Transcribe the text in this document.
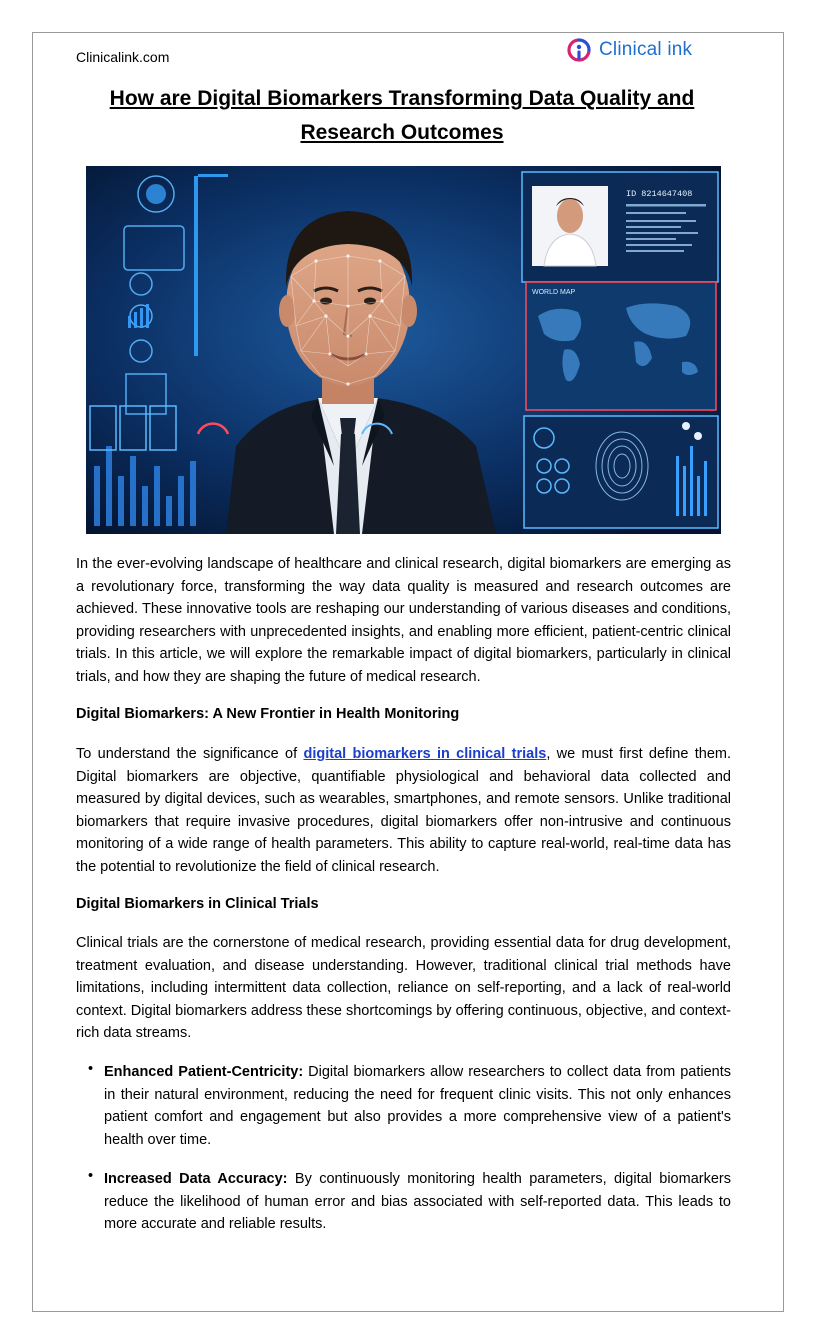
Clinicalink.com	Clinical ink
How are Digital Biomarkers Transforming Data Quality and Research Outcomes
ID 8214647408
WORLD MAP
In the ever-evolving landscape of healthcare and clinical research, digital biomarkers are emerging as a revolutionary force, transforming the way data quality is measured and research outcomes are achieved. These innovative tools are reshaping our understanding of various diseases and conditions, providing researchers with unprecedented insights, and enabling more efficient, patient-centric clinical trials. In this article, we will explore the remarkable impact of digital biomarkers, particularly in clinical trials, and how they are shaping the future of medical research.
Digital Biomarkers: A New Frontier in Health Monitoring
To understand the significance of digital biomarkers in clinical trials, we must first define them. Digital biomarkers are objective, quantifiable physiological and behavioral data collected and measured by digital devices, such as wearables, smartphones, and remote sensors. Unlike traditional biomarkers that require invasive procedures, digital biomarkers offer non-intrusive and continuous monitoring of a wide range of health parameters. This ability to capture real-world, real-time data has the potential to revolutionize the field of clinical research.
Digital Biomarkers in Clinical Trials
Clinical trials are the cornerstone of medical research, providing essential data for drug development, treatment evaluation, and disease understanding. However, traditional clinical trial methods have limitations, including intermittent data collection, reliance on self-reporting, and a lack of real-world context. Digital biomarkers address these shortcomings by offering continuous, objective, and context-rich data streams.
• Enhanced Patient-Centricity: Digital biomarkers allow researchers to collect data from patients in their natural environment, reducing the need for frequent clinic visits. This not only enhances patient comfort and engagement but also provides a more comprehensive view of a patient's health over time.
• Increased Data Accuracy: By continuously monitoring health parameters, digital biomarkers reduce the likelihood of human error and bias associated with self-reported data. This leads to more accurate and reliable results.
